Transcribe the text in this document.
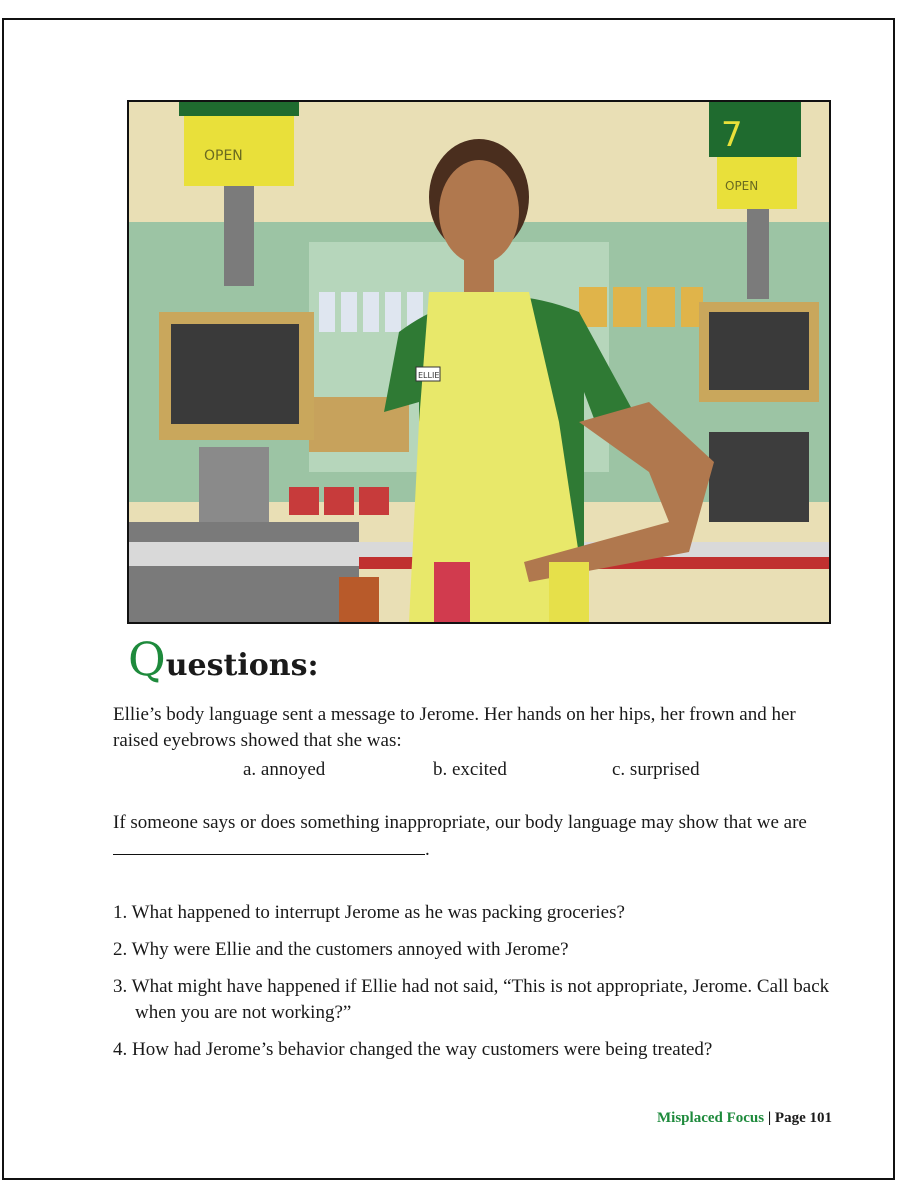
OPEN
7
OPEN
ELLIE
Questions:
Ellie’s body language sent a message to Jerome. Her hands on her hips, her frown and her raised eyebrows showed that she was:
a. annoyed	b. excited	c. surprised
If someone says or does something inappropriate, our body language may show that we are .
1. What happened to interrupt Jerome as he was packing groceries?
2. Why were Ellie and the customers annoyed with Jerome?
3. What might have happened if Ellie had not said, “This is not appropriate, Jerome. Call back when you are not working?”
4. How had Jerome’s behavior changed the way customers were being treated?
Misplaced Focus | Page 101
